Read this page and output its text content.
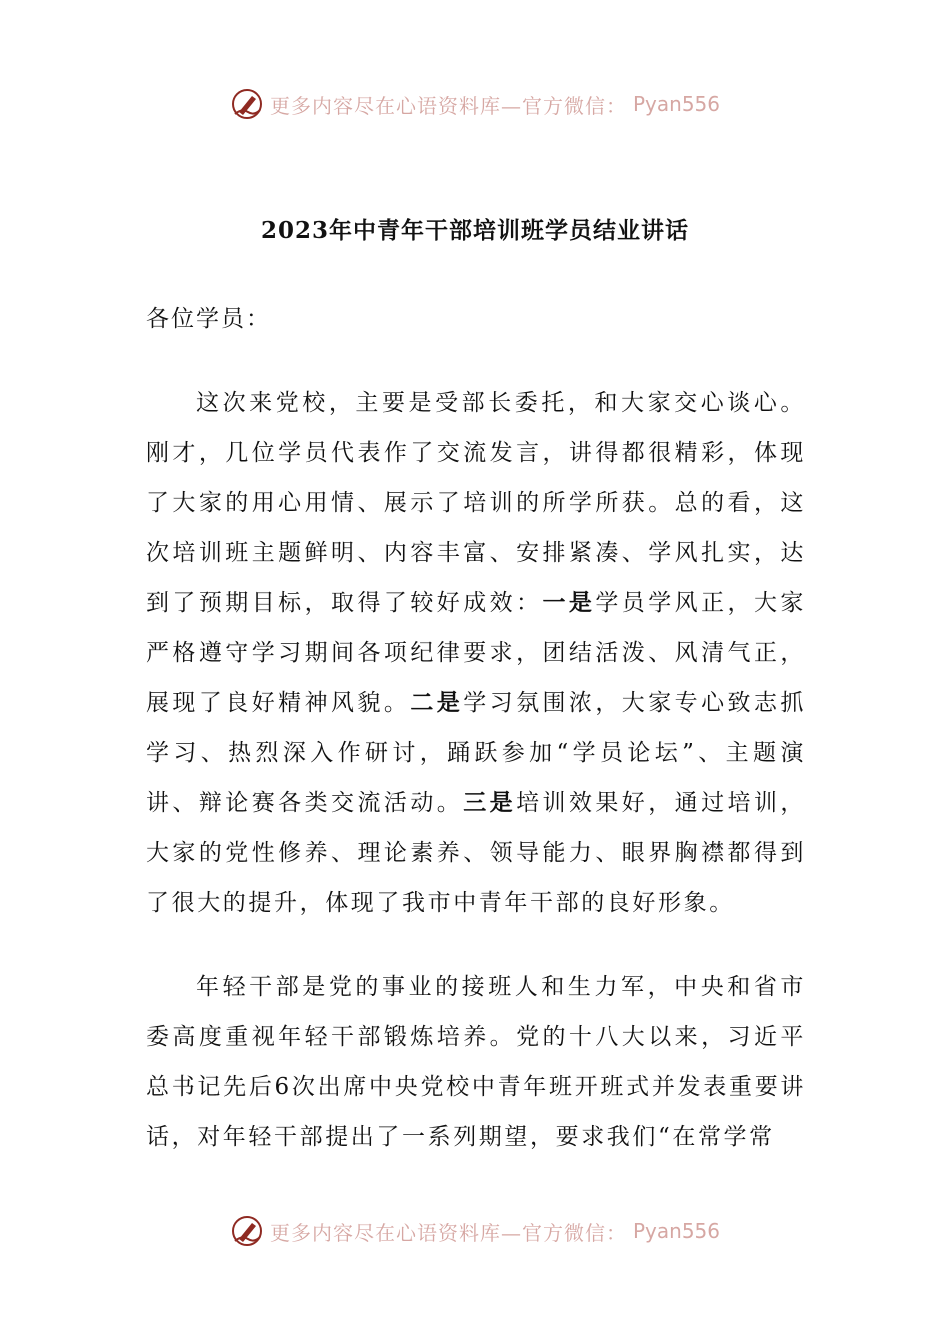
更多内容尽在心语资料库—官方微信： Pyan556
2023年中青年干部培训班学员结业讲话
各位学员：

这次来党校，主要是受部长委托，和大家交心谈心。刚才，几位学员代表作了交流发言，讲得都很精彩，体现了大家的用心用情、展示了培训的所学所获。总的看，这次培训班主题鲜明、内容丰富、安排紧凑、学风扎实，达到了预期目标，取得了较好成效：一是学员学风正，大家严格遵守学习期间各项纪律要求，团结活泼、风清气正，展现了良好精神风貌。二是学习氛围浓，大家专心致志抓学习、热烈深入作研讨，踊跃参加“学员论坛”、主题演讲、辩论赛各类交流活动。三是培训效果好，通过培训，大家的党性修养、理论素养、领导能力、眼界胸襟都得到了很大的提升，体现了我市中青年干部的良好形象。

年轻干部是党的事业的接班人和生力军，中央和省市委高度重视年轻干部锻炼培养。党的十八大以来，习近平总书记先后6次出席中央党校中青年班开班式并发表重要讲话，对年轻干部提出了一系列期望，要求我们“在常学常

更多内容尽在心语资料库—官方微信： Pyan556
